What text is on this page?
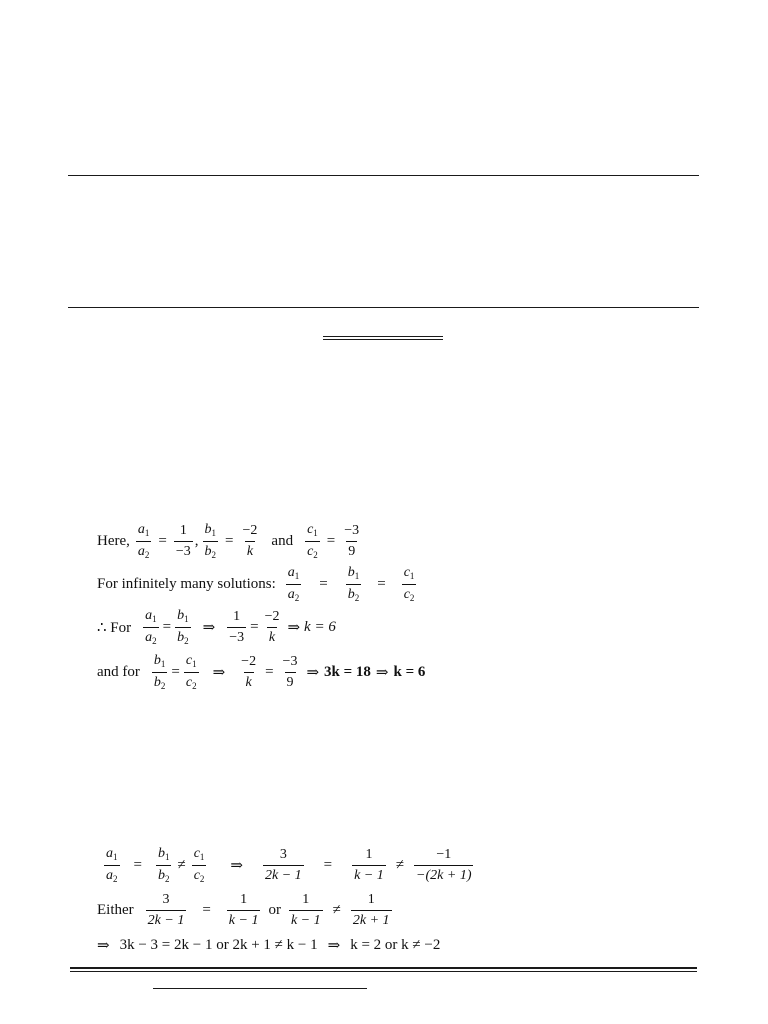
Here, $\frac{a_1}{a_2} = \frac{1}{-3}$ , $\frac{b_1}{b_2} = \frac{-2}{k}$ and $\frac{c_1}{c_2} = \frac{-3}{9}$
For infinitely many solutions: $\frac{a_1}{a_2} = \frac{b_1}{b_2} = \frac{c_1}{c_2}$
∴ For $\frac{a_1}{a_2} = \frac{b_1}{b_2}$ ⇒ $\frac{1}{-3} = \frac{-2}{k}$ ⇒ k = 6
and for $\frac{b_1}{b_2} = \frac{c_1}{c_2}$ ⇒ $\frac{-2}{k} = \frac{-3}{9}$ ⇒ 3k = 18 ⇒ k = 6
$\frac{a_1}{a_2} = \frac{b_1}{b_2} \ne \frac{c_1}{c_2}$ ⇒ $\frac{3}{2k - 1} = \frac{1}{k - 1} \ne \frac{-1}{-(2k + 1)}$
Either $\frac{3}{2k - 1} = \frac{1}{k - 1}$ or $\frac{1}{k - 1} \ne \frac{1}{2k + 1}$
⇒ 3k − 3 = 2k − 1 or 2k + 1 ≠ k − 1 ⇒ k = 2 or k ≠ −2
